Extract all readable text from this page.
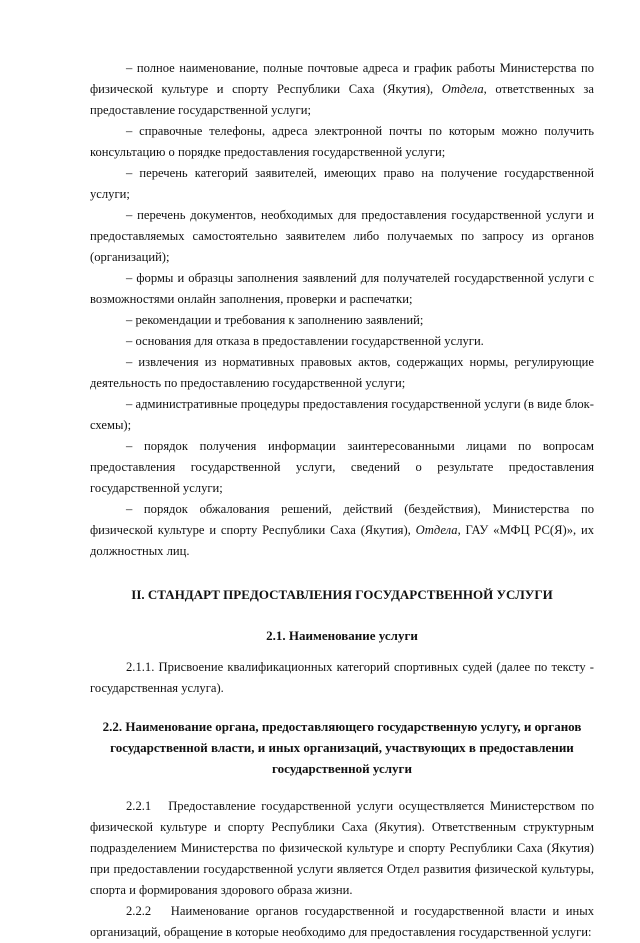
– полное наименование, полные почтовые адреса и график работы Министерства по физической культуре и спорту Республики Саха (Якутия), Отдела, ответственных за предоставление государственной услуги;

– справочные телефоны, адреса электронной почты по которым можно получить консультацию о порядке предоставления государственной услуги;

– перечень категорий заявителей, имеющих право на получение государственной услуги;

– перечень документов, необходимых для предоставления государственной услуги и предоставляемых самостоятельно заявителем либо получаемых по запросу из органов (организаций);

– формы и образцы заполнения заявлений для получателей государственной услуги с возможностями онлайн заполнения, проверки и распечатки;

– рекомендации и требования к заполнению заявлений;

– основания для отказа в предоставлении государственной услуги.

– извлечения из нормативных правовых актов, содержащих нормы, регулирующие деятельность по предоставлению государственной услуги;

– административные процедуры предоставления государственной услуги (в виде блок-схемы);

– порядок получения информации заинтересованными лицами по вопросам предоставления государственной услуги, сведений о результате предоставления государственной услуги;

– порядок обжалования решений, действий (бездействия), Министерства по физической культуре и спорту Республики Саха (Якутия), Отдела, ГАУ «МФЦ РС(Я)», их должностных лиц.

II. СТАНДАРТ ПРЕДОСТАВЛЕНИЯ ГОСУДАРСТВЕННОЙ УСЛУГИ

2.1. Наименование услуги

2.1.1. Присвоение квалификационных категорий спортивных судей (далее по тексту - государственная услуга).

2.2. Наименование органа, предоставляющего государственную услугу, и органов государственной власти, и иных организаций, участвующих в предоставлении государственной услуги

2.2.1   Предоставление государственной услуги осуществляется Министерством по физической культуре и спорту Республики Саха (Якутия). Ответственным структурным подразделением Министерства по физической культуре и спорту Республики Саха (Якутия) при предоставлении государственной услуги является Отдел развития физической культуры, спорта и формирования здорового образа жизни.

2.2.2   Наименование органов государственной и государственной власти и иных организаций, обращение в которые необходимо для предоставления государственной услуги:
